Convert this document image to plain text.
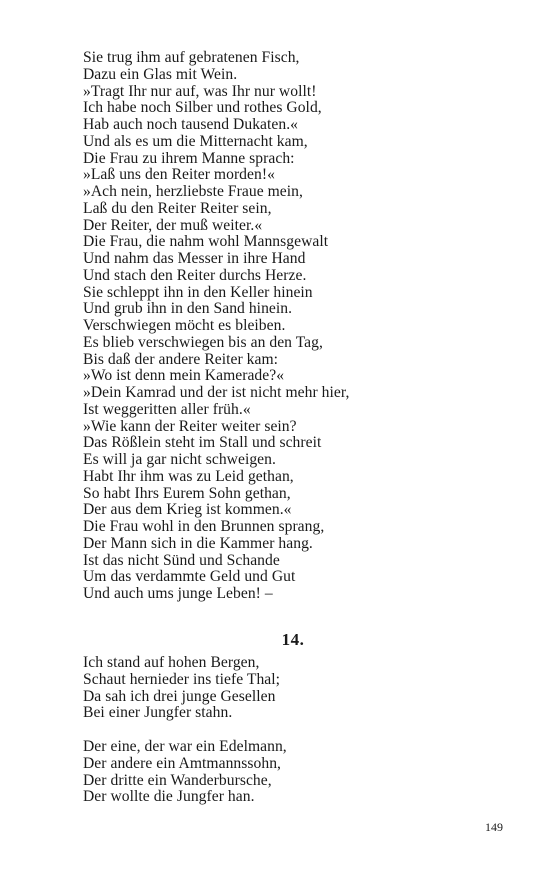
Sie trug ihm auf gebratenen Fisch,
Dazu ein Glas mit Wein.
»Tragt Ihr nur auf, was Ihr nur wollt!
Ich habe noch Silber und rothes Gold,
Hab auch noch tausend Dukaten.«
Und als es um die Mitternacht kam,
Die Frau zu ihrem Manne sprach:
»Laß uns den Reiter morden!«
»Ach nein, herzliebste Fraue mein,
Laß du den Reiter Reiter sein,
Der Reiter, der muß weiter.«
Die Frau, die nahm wohl Mannsgewalt
Und nahm das Messer in ihre Hand
Und stach den Reiter durchs Herze.
Sie schleppt ihn in den Keller hinein
Und grub ihn in den Sand hinein.
Verschwiegen möcht es bleiben.
Es blieb verschwiegen bis an den Tag,
Bis daß der andere Reiter kam:
»Wo ist denn mein Kamerade?«
»Dein Kamrad und der ist nicht mehr hier,
Ist weggeritten aller früh.«
»Wie kann der Reiter weiter sein?
Das Rößlein steht im Stall und schreit
Es will ja gar nicht schweigen.
Habt Ihr ihm was zu Leid gethan,
So habt Ihrs Eurem Sohn gethan,
Der aus dem Krieg ist kommen.«
Die Frau wohl in den Brunnen sprang,
Der Mann sich in die Kammer hang.
Ist das nicht Sünd und Schande
Um das verdammte Geld und Gut
Und auch ums junge Leben! –
14.
Ich stand auf hohen Bergen,
Schaut hernieder ins tiefe Thal;
Da sah ich drei junge Gesellen
Bei einer Jungfer stahn.
Der eine, der war ein Edelmann,
Der andere ein Amtmannssohn,
Der dritte ein Wanderbursche,
Der wollte die Jungfer han.
149
